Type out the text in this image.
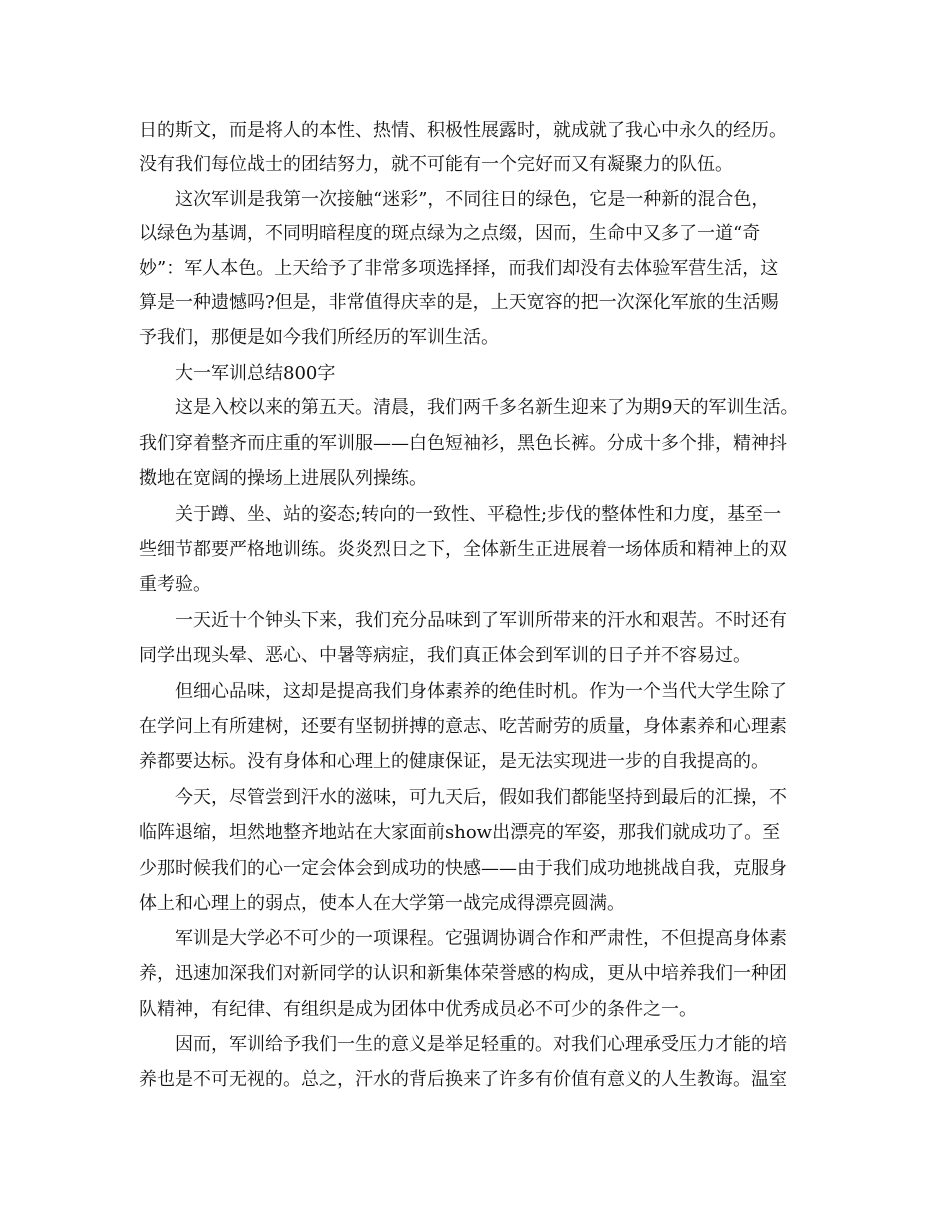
日的斯文，而是将人的本性、热情、积极性展露时，就成就了我心中永久的经历。
没有我们每位战士的团结努力，就不可能有一个完好而又有凝聚力的队伍。
　　这次军训是我第一次接触“迷彩”，不同往日的绿色，它是一种新的混合色，
以绿色为基调，不同明暗程度的斑点绿为之点缀，因而，生命中又多了一道“奇
妙”：军人本色。上天给予了非常多项选择择，而我们却没有去体验军营生活，这
算是一种遗憾吗?但是，非常值得庆幸的是，上天宽容的把一次深化军旅的生活赐
予我们，那便是如今我们所经历的军训生活。
　　大一军训总结800字
　　这是入校以来的第五天。清晨，我们两千多名新生迎来了为期9天的军训生活。
我们穿着整齐而庄重的军训服——白色短袖衫，黑色长裤。分成十多个排，精神抖
擞地在宽阔的操场上进展队列操练。
　　关于蹲、坐、站的姿态;转向的一致性、平稳性;步伐的整体性和力度，基至一
些细节都要严格地训练。炎炎烈日之下，全体新生正进展着一场体质和精神上的双
重考验。
　　一天近十个钟头下来，我们充分品味到了军训所带来的汗水和艰苦。不时还有
同学出现头晕、恶心、中暑等病症，我们真正体会到军训的日子并不容易过。
　　但细心品味，这却是提高我们身体素养的绝佳时机。作为一个当代大学生除了
在学问上有所建树，还要有坚韧拼搏的意志、吃苦耐劳的质量，身体素养和心理素
养都要达标。没有身体和心理上的健康保证，是无法实现进一步的自我提高的。
　　今天，尽管尝到汗水的滋味，可九天后，假如我们都能坚持到最后的汇操，不
临阵退缩，坦然地整齐地站在大家面前show出漂亮的军姿，那我们就成功了。至
少那时候我们的心一定会体会到成功的快感——由于我们成功地挑战自我，克服身
体上和心理上的弱点，使本人在大学第一战完成得漂亮圆满。
　　军训是大学必不可少的一项课程。它强调协调合作和严肃性，不但提高身体素
养，迅速加深我们对新同学的认识和新集体荣誉感的构成，更从中培养我们一种团
队精神，有纪律、有组织是成为团体中优秀成员必不可少的条件之一。
　　因而，军训给予我们一生的意义是举足轻重的。对我们心理承受压力才能的培
养也是不可无视的。总之，汗水的背后换来了许多有价值有意义的人生教诲。温室
